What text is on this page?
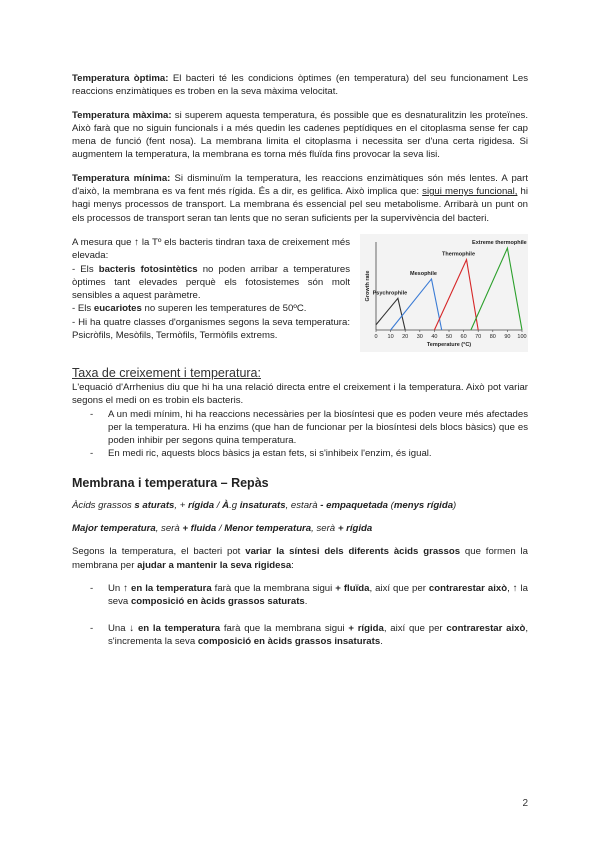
Temperatura òptima: El bacteri té les condicions òptimes (en temperatura) del seu funcionament Les reaccions enzimàtiques es troben en la seva màxima velocitat.

Temperatura màxima: si superem aquesta temperatura, és possible que es desnaturalitzin les proteïnes. Això farà que no siguin funcionals i a més quedin les cadenes peptídiques en el citoplasma sense fer cap mena de funció (fent nosa). La membrana limita el citoplasma i necessita ser d'una certa rigidesa. Si augmentem la temperatura, la membrana es torna més fluïda fins provocar la seva lisi.

Temperatura mínima: Si disminuïm la temperatura, les reaccions enzimàtiques són més lentes. A part d'això, la membrana es va fent més rígida. És a dir, es gelifica. Això implica que: sigui menys funcional, hi hagi menys processos de transport. La membrana és essencial pel seu metabolisme. Arribarà un punt on els processos de transport seran tan lents que no seran suficients per la supervivència del bacteri.

A mesura que ↑ la Tº els bacteris tindran taxa de creixement més elevada:

- Els bacteris fotosintètics no poden arribar a temperatures òptimes tant elevades perquè els fotosistemes són molt sensibles a aquest paràmetre.

- Els eucariotes no superen les temperatures de 50ºC.

- Hi ha quatre classes d'organismes segons la seva temperatura: Psicròfils, Mesòfils, Termòfils, Termòfils extrems.	0 10 20 30 40 50 60 70 80 90 100
Temperature (°C)
Growth rate Psychrophile
Mesophile
Thermophile
Extreme thermophile
Taxa de creixement i temperatura:

L'equació d'Arrhenius diu que hi ha una relació directa entre el creixement i la temperatura. Això pot variar segons el medi on es trobin els bacteris.

- A un medi mínim, hi ha reaccions necessàries per la biosíntesi que es poden veure més afectades per la temperatura. Hi ha enzims (que han de funcionar per la biosíntesi dels blocs bàsics) que es poden inhibir per segons quina temperatura.
- En medi ric, aquests blocs bàsics ja estan fets, si s'inhibeix l'enzim, és igual.
Membrana i temperatura – Repàs

Àcids grassos s aturats, + rígida / À.g insaturats, estarà - empaquetada (menys rígida)

Major temperatura, serà + fluida / Menor temperatura, serà + rígida

Segons la temperatura, el bacteri pot variar la síntesi dels diferents àcids grassos que formen la membrana per ajudar a mantenir la seva rigidesa:

- Un ↑ en la temperatura farà que la membrana sigui + fluïda, així que per contrarestar això, ↑ la seva composició en àcids grassos saturats.
- Una ↓ en la temperatura farà que la membrana sigui + rígida, així que per contrarestar això, s'incrementa la seva composició en àcids grassos insaturats.
2
